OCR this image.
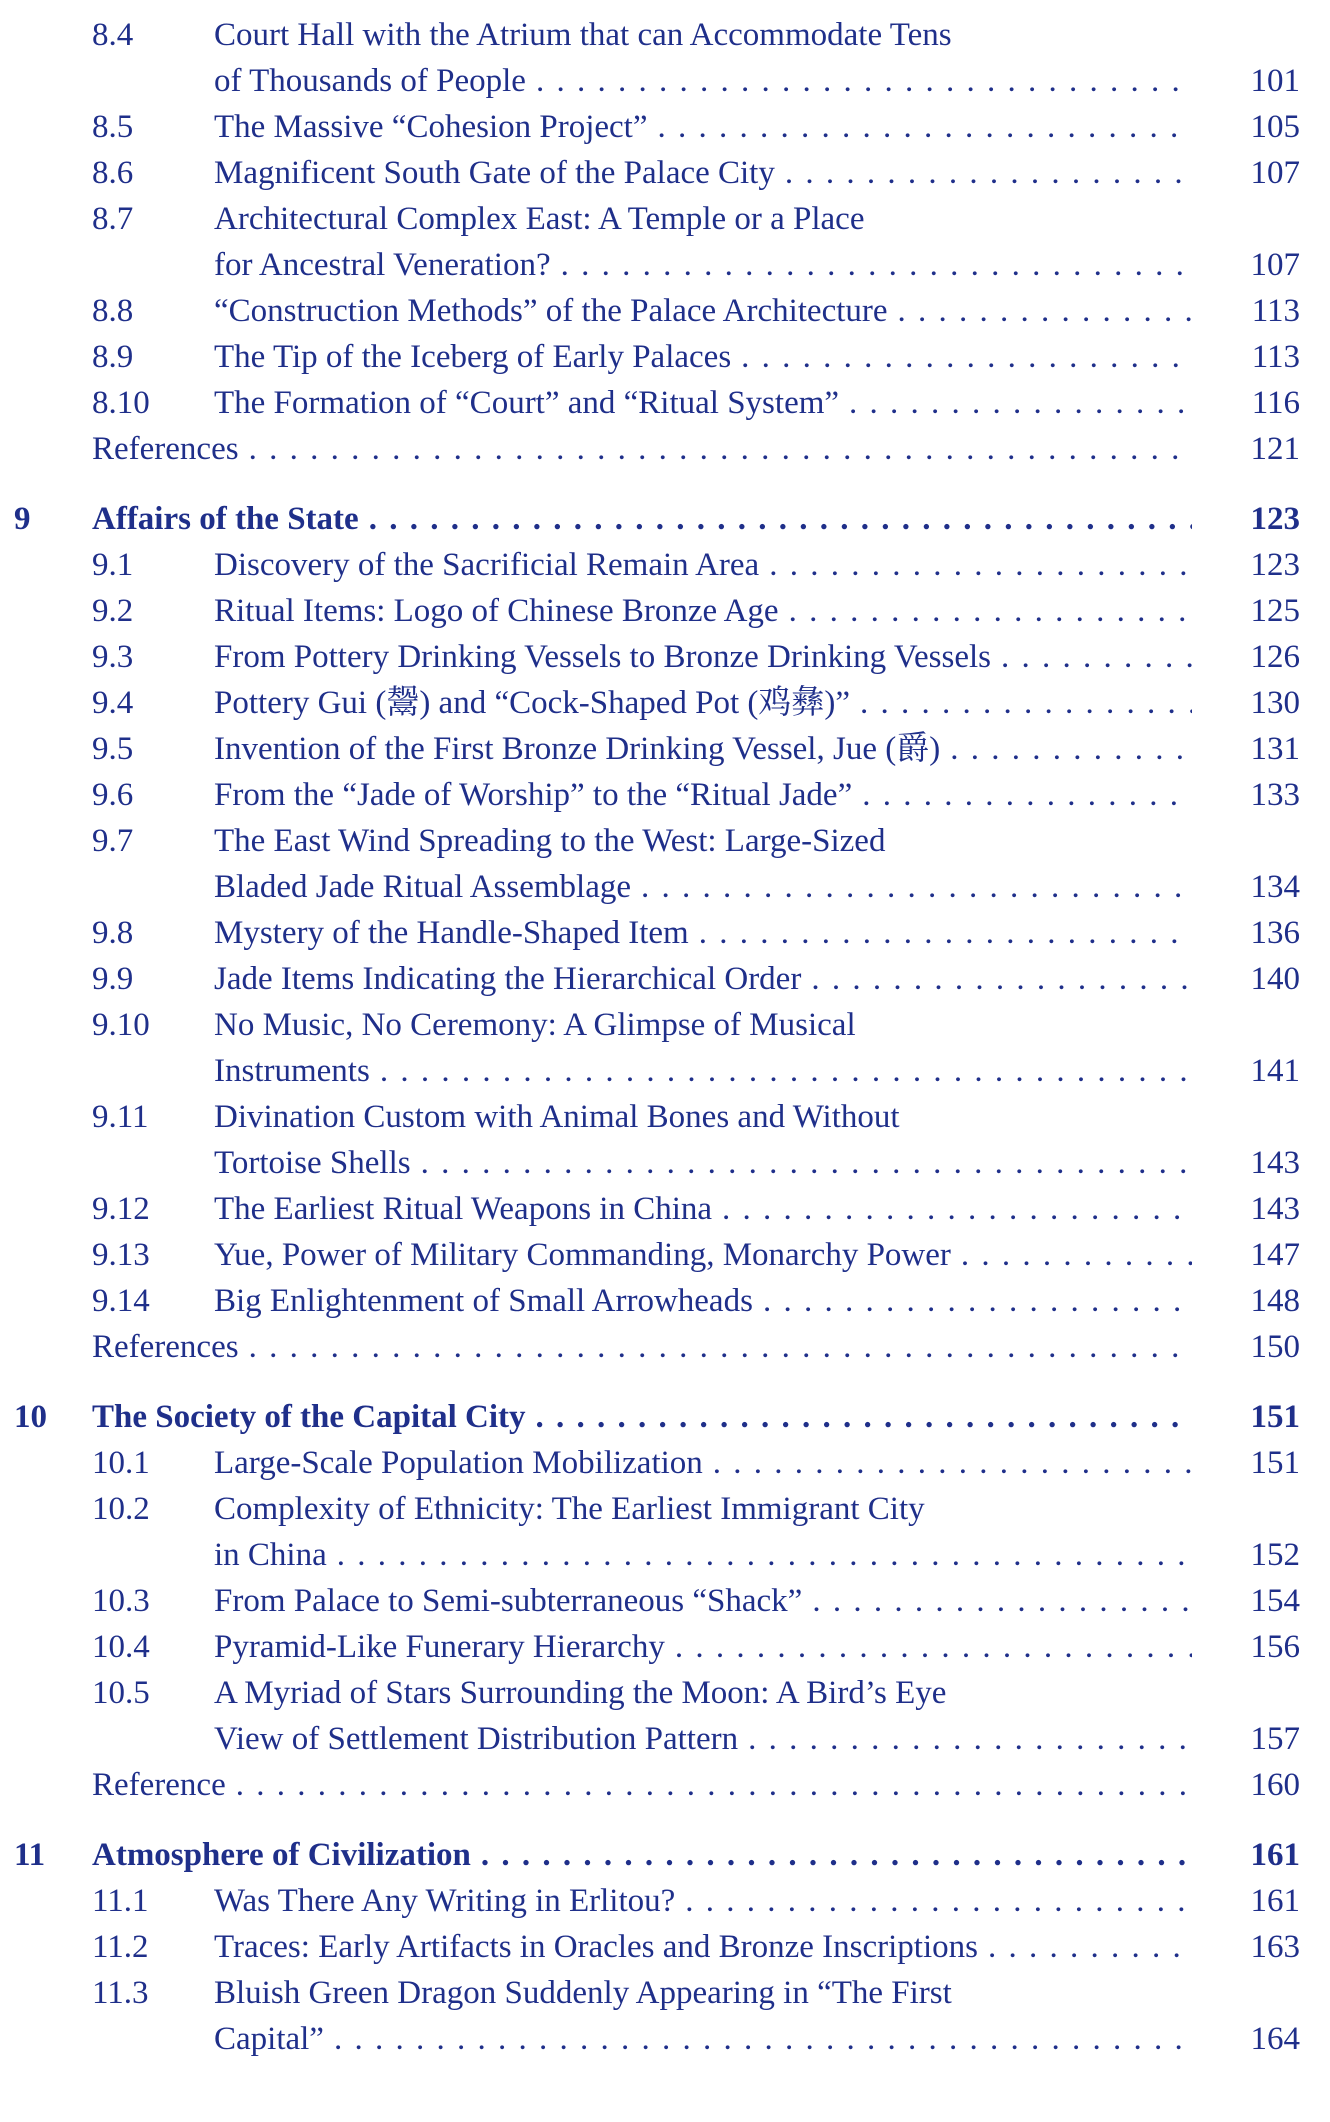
8.4 Court Hall with the Atrium that can Accommodate Tens
of Thousands of People . . .	101
8.5 The Massive “Cohesion Project” . . .	105
8.6 Magnificent South Gate of the Palace City . . .	107
8.7 Architectural Complex East: A Temple or a Place
for Ancestral Veneration? . . .	107
8.8 “Construction Methods” of the Palace Architecture . . .	113
8.9 The Tip of the Iceberg of Early Palaces . . .	113
8.10 The Formation of “Court” and “Ritual System” . . .	116
References . . .	121
9 Affairs of the State . . .	123
9.1 Discovery of the Sacrificial Remain Area . . .	123
9.2 Ritual Items: Logo of Chinese Bronze Age . . .	125
9.3 From Pottery Drinking Vessels to Bronze Drinking Vessels . . .	126
9.4 Pottery Gui (鬶) and “Cock-Shaped Pot (鸡彝)” . . .	130
9.5 Invention of the First Bronze Drinking Vessel, Jue (爵) . . .	131
9.6 From the “Jade of Worship” to the “Ritual Jade” . . .	133
9.7 The East Wind Spreading to the West: Large-Sized
Bladed Jade Ritual Assemblage . . .	134
9.8 Mystery of the Handle-Shaped Item . . .	136
9.9 Jade Items Indicating the Hierarchical Order . . .	140
9.10 No Music, No Ceremony: A Glimpse of Musical
Instruments . . .	141
9.11 Divination Custom with Animal Bones and Without
Tortoise Shells . . .	143
9.12 The Earliest Ritual Weapons in China . . .	143
9.13 Yue, Power of Military Commanding, Monarchy Power . . .	147
9.14 Big Enlightenment of Small Arrowheads . . .	148
References . . .	150
10 The Society of the Capital City . . .	151
10.1 Large-Scale Population Mobilization . . .	151
10.2 Complexity of Ethnicity: The Earliest Immigrant City
in China . . .	152
10.3 From Palace to Semi-subterraneous “Shack” . . .	154
10.4 Pyramid-Like Funerary Hierarchy . . .	156
10.5 A Myriad of Stars Surrounding the Moon: A Bird’s Eye
View of Settlement Distribution Pattern . . .	157
Reference . . .	160
11 Atmosphere of Civilization . . .	161
11.1 Was There Any Writing in Erlitou? . . .	161
11.2 Traces: Early Artifacts in Oracles and Bronze Inscriptions . . .	163
11.3 Bluish Green Dragon Suddenly Appearing in “The First
Capital” . . .	164
